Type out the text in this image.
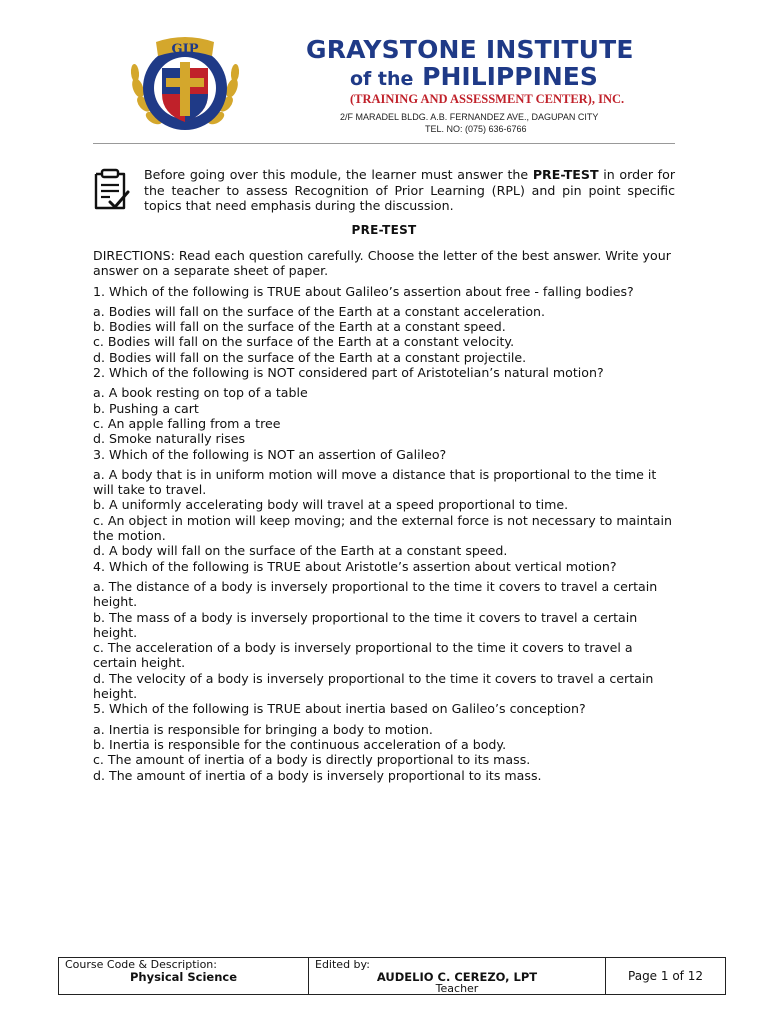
GIP	GRAYSTONE INSTITUTE
of the PHILIPPINES
(TRAINING AND ASSESSMENT CENTER), INC.
2/F MARADEL BLDG. A.B. FERNANDEZ AVE., DAGUPAN CITY
TEL. NO: (075) 636-6766
Before going over this module, the learner must answer the PRE-TEST in order for the teacher to assess Recognition of Prior Learning (RPL) and pin point specific topics that need emphasis during the discussion.
PRE-TEST

DIRECTIONS: Read each question carefully. Choose the letter of the best answer. Write your answer on a separate sheet of paper.

1. Which of the following is TRUE about Galileo’s assertion about free - falling bodies?

a. Bodies will fall on the surface of the Earth at a constant acceleration.
b. Bodies will fall on the surface of the Earth at a constant speed.
c. Bodies will fall on the surface of the Earth at a constant velocity.
d. Bodies will fall on the surface of the Earth at a constant projectile.

2. Which of the following is NOT considered part of Aristotelian’s natural motion?

a. A book resting on top of a table
b. Pushing a cart
c. An apple falling from a tree
d. Smoke naturally rises

3. Which of the following is NOT an assertion of Galileo?

a. A body that is in uniform motion will move a distance that is proportional to the time it will take to travel.
b. A uniformly accelerating body will travel at a speed proportional to time.
c. An object in motion will keep moving; and the external force is not necessary to maintain the motion.
d. A body will fall on the surface of the Earth at a constant speed.

4. Which of the following is TRUE about Aristotle’s assertion about vertical motion?

a. The distance of a body is inversely proportional to the time it covers to travel a certain height.
b. The mass of a body is inversely proportional to the time it covers to travel a certain height.
c. The acceleration of a body is inversely proportional to the time it covers to travel a certain height.
d. The velocity of a body is inversely proportional to the time it covers to travel a certain height.

5. Which of the following is TRUE about inertia based on Galileo’s conception?

a. Inertia is responsible for bringing a body to motion.
b. Inertia is responsible for the continuous acceleration of a body.
c. The amount of inertia of a body is directly proportional to its mass.
d. The amount of inertia of a body is inversely proportional to its mass.
Course Code & Description:
Physical Science
Edited by:
AUDELIO C. CEREZO, LPT
Teacher
Page 1 of 12
